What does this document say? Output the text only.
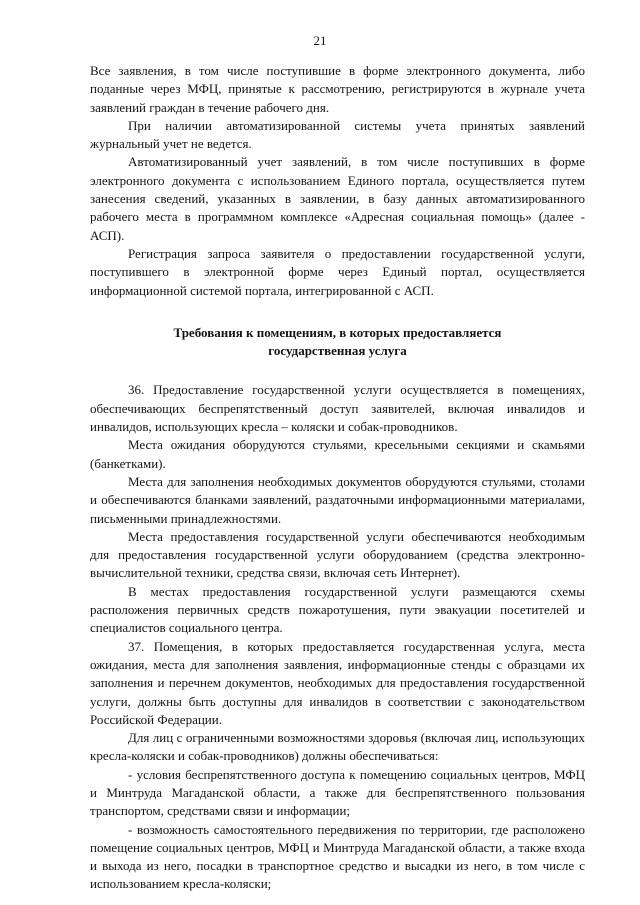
21

Все заявления, в том числе поступившие в форме электронного документа, либо поданные через МФЦ, принятые к рассмотрению, регистрируются в журнале учета заявлений граждан в течение рабочего дня.

При наличии автоматизированной системы учета принятых заявлений журнальный учет не ведется.

Автоматизированный учет заявлений, в том числе поступивших в форме электронного документа с использованием Единого портала, осуществляется путем занесения сведений, указанных в заявлении, в базу данных автоматизированного рабочего места в программном комплексе «Адресная социальная помощь» (далее - АСП).

Регистрация запроса заявителя о предоставлении государственной услуги, поступившего в электронной форме через Единый портал, осуществляется информационной системой портала, интегрированной с АСП.

Требования к помещениям, в которых предоставляется
государственная услуга

36. Предоставление государственной услуги осуществляется в помещениях, обеспечивающих беспрепятственный доступ заявителей, включая инвалидов и инвалидов, использующих кресла – коляски и собак-проводников.

Места ожидания оборудуются стульями, кресельными секциями и скамьями (банкетками).

Места для заполнения необходимых документов оборудуются стульями, столами и обеспечиваются бланками заявлений, раздаточными информационными материалами, письменными принадлежностями.

Места предоставления государственной услуги обеспечиваются необходимым для предоставления государственной услуги оборудованием (средства электронно-вычислительной техники, средства связи, включая сеть Интернет).

В местах предоставления государственной услуги размещаются схемы расположения первичных средств пожаротушения, пути эвакуации посетителей и специалистов социального центра.

37. Помещения, в которых предоставляется государственная услуга, места ожидания, места для заполнения заявления, информационные стенды с образцами их заполнения и перечнем документов, необходимых для предоставления государственной услуги, должны быть доступны для инвалидов в соответствии с законодательством Российской Федерации.

Для лиц с ограниченными возможностями здоровья (включая лиц, использующих кресла-коляски и собак-проводников) должны обеспечиваться:

- условия беспрепятственного доступа к помещению социальных центров, МФЦ и Минтруда Магаданской области, а также для беспрепятственного пользования транспортом, средствами связи и информации;

- возможность самостоятельного передвижения по территории, где расположено помещение социальных центров, МФЦ и Минтруда Магаданской области, а также входа и выхода из него, посадки в транспортное средство и высадки из него, в том числе с использованием кресла-коляски;
